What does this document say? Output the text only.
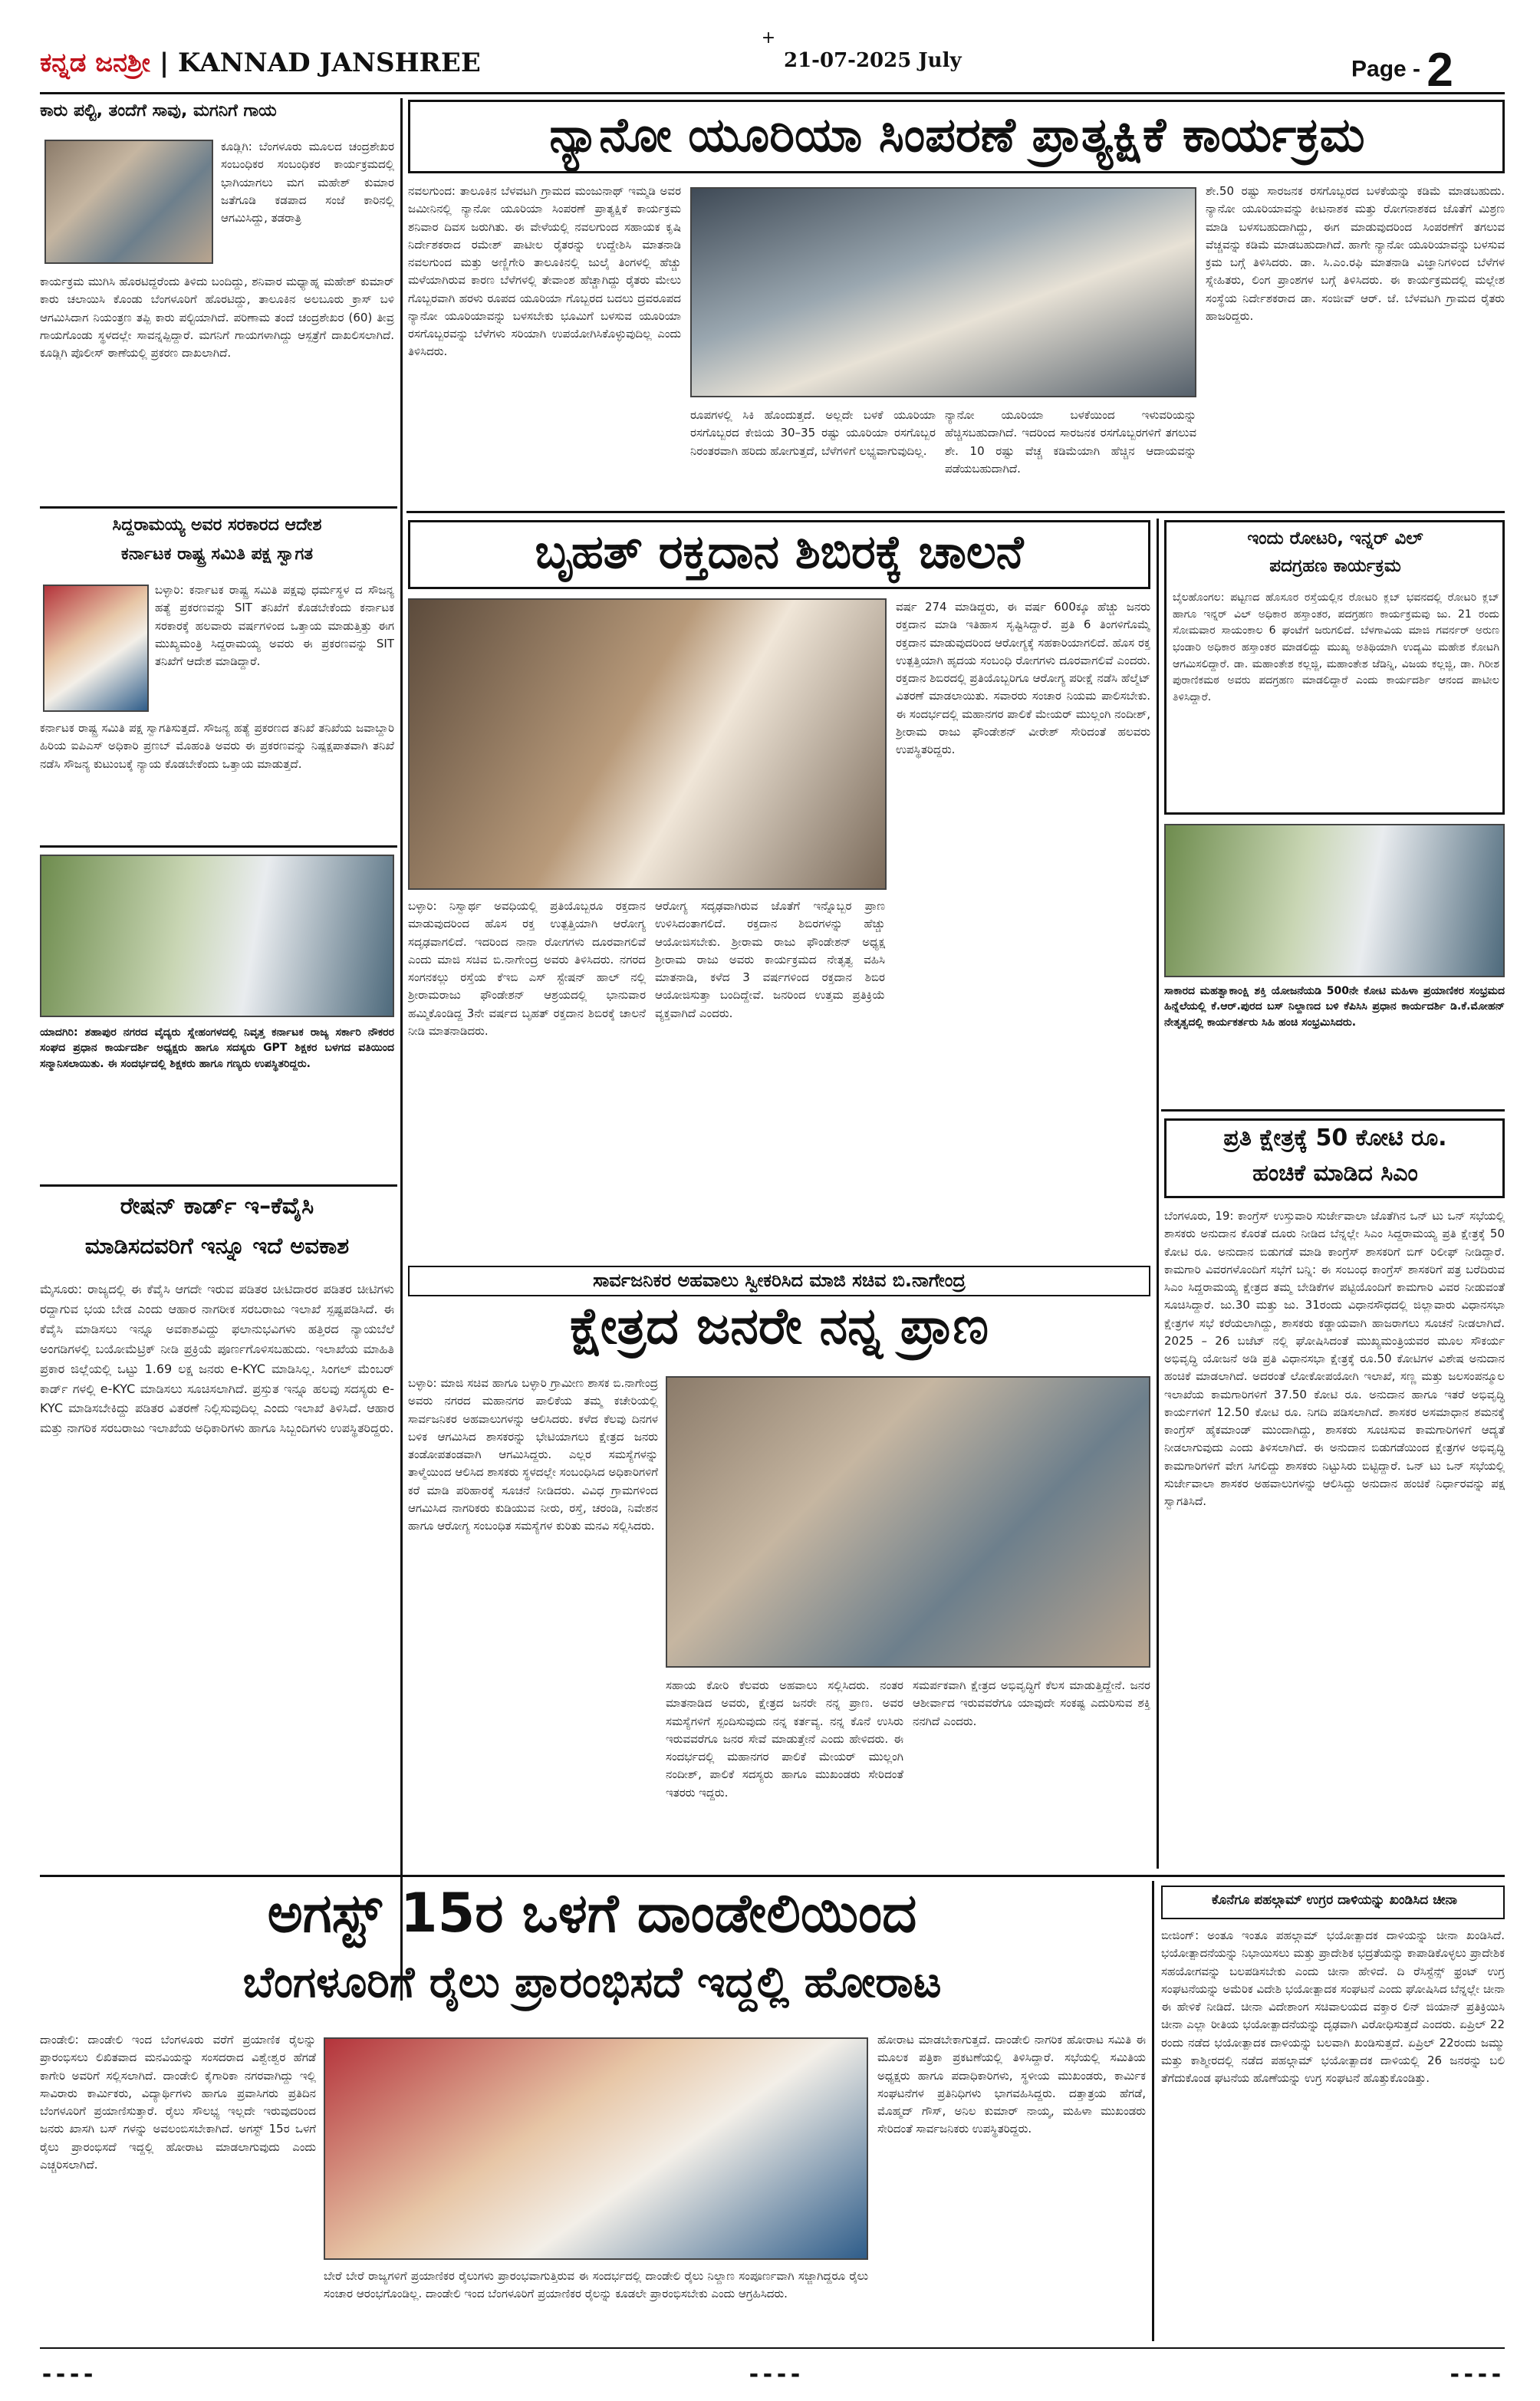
ಕನ್ನಡ ಜನಶ್ರೀ | KANNAD JANSHREE	21-07-2025 July	Page - 2
+
ಕಾರು ಪಲ್ಟಿ, ತಂದೆಗೆ ಸಾವು, ಮಗನಿಗೆ ಗಾಯ
ಕೂಡ್ಲಿಗಿ: ಬೆಂಗಳೂರು ಮೂಲದ ಚಂದ್ರಶೇಖರ ಸಂಬಂಧಿಕರ ಸಂಬಂಧಿಕರ ಕಾರ್ಯಕ್ರಮದಲ್ಲಿ ಭಾಗಿಯಾಗಲು ಮಗ ಮಹೇಶ್ ಕುಮಾರ ಜತೆಗೂಡಿ ಕಡಪಾದ ಸಂಜೆ ಕಾರಿನಲ್ಲಿ ಆಗಮಿಸಿದ್ದು, ತಡರಾತ್ರಿ
ಕಾರ್ಯಕ್ರಮ ಮುಗಿಸಿ ಹೊರಟಿದ್ದರೆಂದು ತಿಳಿದು ಬಂದಿದ್ದು, ಶನಿವಾರ ಮಧ್ಯಾಹ್ನ ಮಹೇಶ್ ಕುಮಾರ್ ಕಾರು ಚಲಾಯಿಸಿ ಕೊಂಡು ಬೆಂಗಳೂರಿಗೆ ಹೊರಟಿದ್ದು, ತಾಲೂಕಿನ ಅಲಬೂರು ಕ್ರಾಸ್ ಬಳಿ ಆಗಮಿಸಿದಾಗ ನಿಯಂತ್ರಣ ತಪ್ಪಿ ಕಾರು ಪಲ್ಟಿಯಾಗಿದೆ. ಪರಿಣಾಮ ತಂದೆ ಚಂದ್ರಶೇಖರ (60) ತೀವ್ರ ಗಾಯಗೊಂಡು ಸ್ಥಳದಲ್ಲೇ ಸಾವನ್ನಪ್ಪಿದ್ದಾರೆ. ಮಗನಿಗೆ ಗಾಯಗಳಾಗಿದ್ದು ಆಸ್ಪತ್ರೆಗೆ ದಾಖಲಿಸಲಾಗಿದೆ. ಕೂಡ್ಲಿಗಿ ಪೊಲೀಸ್ ಠಾಣೆಯಲ್ಲಿ ಪ್ರಕರಣ ದಾಖಲಾಗಿದೆ.
ಸಿದ್ದರಾಮಯ್ಯ ಅವರ ಸರಕಾರದ ಆದೇಶ
ಕರ್ನಾಟಕ ರಾಷ್ಟ್ರ ಸಮಿತಿ ಪಕ್ಷ ಸ್ವಾಗತ
ಬಳ್ಳಾರಿ: ಕರ್ನಾಟಕ ರಾಷ್ಟ್ರ ಸಮಿತಿ ಪಕ್ಷವು ಧರ್ಮಸ್ಥಳ ದ ಸೌಜನ್ಯ ಹತ್ಯೆ ಪ್ರಕರಣವನ್ನು SIT ತನಿಖೆಗೆ ಕೊಡಬೇಕೆಂದು ಕರ್ನಾಟಕ ಸರಕಾರಕ್ಕೆ ಹಲವಾರು ವರ್ಷಗಳಿಂದ ಒತ್ತಾಯ ಮಾಡುತ್ತಿತ್ತು ಈಗ ಮುಖ್ಯಮಂತ್ರಿ ಸಿದ್ದರಾಮಯ್ಯ ಅವರು ಈ ಪ್ರಕರಣವನ್ನು SIT ತನಿಖೆಗೆ ಆದೇಶ ಮಾಡಿದ್ದಾರೆ.
ಕರ್ನಾಟಕ ರಾಷ್ಟ್ರ ಸಮಿತಿ ಪಕ್ಷ ಸ್ವಾಗತಿಸುತ್ತದೆ. ಸೌಜನ್ಯ ಹತ್ಯೆ ಪ್ರಕರಣದ ತನಿಖೆ ತನಿಖೆಯ ಜವಾಬ್ದಾರಿ ಹಿರಿಯ ಐಪಿಎಸ್ ಅಧಿಕಾರಿ ಪ್ರಣಬ್ ಮೊಹಂತಿ ಅವರು ಈ ಪ್ರಕರಣವನ್ನು ನಿಷ್ಪಕ್ಷಪಾತವಾಗಿ ತನಿಖೆ ನಡೆಸಿ ಸೌಜನ್ಯ ಕುಟುಂಬಕ್ಕೆ ನ್ಯಾಯ ಕೊಡಬೇಕೆಂದು ಒತ್ತಾಯ ಮಾಡುತ್ತದೆ.
ಯಾದಗಿರಿ: ಶಹಾಪುರ ನಗರದ ವೈದ್ಯರು ಸ್ನೇಹಂಗಳದಲ್ಲಿ ನಿವೃತ್ತ ಕರ್ನಾಟಕ ರಾಜ್ಯ ಸರ್ಕಾರಿ ನೌಕರರ ಸಂಘದ ಪ್ರಧಾನ ಕಾರ್ಯದರ್ಶಿ ಅಧ್ಯಕ್ಷರು ಹಾಗೂ ಸದಸ್ಯರು GPT ಶಿಕ್ಷಕರ ಬಳಗದ ವತಿಯಿಂದ ಸನ್ಮಾನಿಸಲಾಯಿತು. ಈ ಸಂದರ್ಭದಲ್ಲಿ ಶಿಕ್ಷಕರು ಹಾಗೂ ಗಣ್ಯರು ಉಪಸ್ಥಿತರಿದ್ದರು.
ರೇಷನ್ ಕಾರ್ಡ್ ಇ–ಕೆವೈಸಿ
ಮಾಡಿಸದವರಿಗೆ ಇನ್ನೂ ಇದೆ ಅವಕಾಶ
ಮೈಸೂರು: ರಾಜ್ಯದಲ್ಲಿ ಈ ಕೆವೈಸಿ ಆಗದೇ ಇರುವ ಪಡಿತರ ಚೀಟಿದಾರರ ಪಡಿತರ ಚೀಟಿಗಳು ರದ್ದಾಗುವ ಭಯ ಬೇಡ ಎಂದು ಆಹಾರ ನಾಗರೀಕ ಸರಬರಾಜು ಇಲಾಖೆ ಸ್ಪಷ್ಟಪಡಿಸಿದೆ. ಈ ಕೆವೈಸಿ ಮಾಡಿಸಲು ಇನ್ನೂ ಅವಕಾಶವಿದ್ದು ಫಲಾನುಭವಿಗಳು ಹತ್ತಿರದ ನ್ಯಾಯಬೆಲೆ ಅಂಗಡಿಗಳಲ್ಲಿ ಬಯೋಮೆಟ್ರಿಕ್ ನೀಡಿ ಪ್ರಕ್ರಿಯೆ ಪೂರ್ಣಗೊಳಿಸಬಹುದು. ಇಲಾಖೆಯ ಮಾಹಿತಿ ಪ್ರಕಾರ ಜಿಲ್ಲೆಯಲ್ಲಿ ಒಟ್ಟು 1.69 ಲಕ್ಷ ಜನರು e-KYC ಮಾಡಿಸಿಲ್ಲ. ಸಿಂಗಲ್ ಮೆಂಬರ್ ಕಾರ್ಡ್ ಗಳಲ್ಲಿ e-KYC ಮಾಡಿಸಲು ಸೂಚಿಸಲಾಗಿದೆ. ಪ್ರಸ್ತುತ ಇನ್ನೂ ಹಲವು ಸದಸ್ಯರು e-KYC ಮಾಡಿಸಬೇಕಿದ್ದು ಪಡಿತರ ವಿತರಣೆ ನಿಲ್ಲಿಸುವುದಿಲ್ಲ ಎಂದು ಇಲಾಖೆ ತಿಳಿಸಿದೆ. ಆಹಾರ ಮತ್ತು ನಾಗರಿಕ ಸರಬರಾಜು ಇಲಾಖೆಯ ಅಧಿಕಾರಿಗಳು ಹಾಗೂ ಸಿಬ್ಬಂದಿಗಳು ಉಪಸ್ಥಿತರಿದ್ದರು.
ನ್ಯಾನೋ ಯೂರಿಯಾ ಸಿಂಪರಣೆ ಪ್ರಾತ್ಯಕ್ಷಿಕೆ ಕಾರ್ಯಕ್ರಮ
ನವಲಗುಂದ: ತಾಲೂಕಿನ ಬೆಳವಟಗಿ ಗ್ರಾಮದ ಮಂಜುನಾಥ್ ಇಮ್ಮಡಿ ಅವರ ಜಮೀನಿನಲ್ಲಿ ನ್ಯಾನೋ ಯೂರಿಯಾ ಸಿಂಪರಣೆ ಪ್ರಾತ್ಯಕ್ಷಿಕೆ ಕಾರ್ಯಕ್ರಮ ಶನಿವಾರ ದಿವಸ ಜರುಗಿತು. ಈ ವೇಳೆಯಲ್ಲಿ ನವಲಗುಂದ ಸಹಾಯಕ ಕೃಷಿ ನಿರ್ದೇಶಕರಾದ ರಮೇಶ್ ಪಾಟೀಲ ರೈತರನ್ನು ಉದ್ದೇಶಿಸಿ ಮಾತನಾಡಿ ನವಲಗುಂದ ಮತ್ತು ಅಣ್ಣಿಗೇರಿ ತಾಲೂಕಿನಲ್ಲಿ ಜುಲೈ ತಿಂಗಳಲ್ಲಿ ಹೆಚ್ಚು ಮಳೆಯಾಗಿರುವ ಕಾರಣ ಬೆಳೆಗಳಲ್ಲಿ ತೇವಾಂಶ ಹೆಚ್ಚಾಗಿದ್ದು ರೈತರು ಮೇಲು ಗೊಬ್ಬರವಾಗಿ ಹರಳು ರೂಪದ ಯೂರಿಯಾ ಗೊಬ್ಬರದ ಬದಲು ದ್ರವರೂಪದ ನ್ಯಾನೋ ಯೂರಿಯಾವನ್ನು ಬಳಸಬೇಕು ಭೂಮಿಗೆ ಬಳಸುವ ಯೂರಿಯಾ ರಸಗೊಬ್ಬರವನ್ನು ಬೆಳೆಗಳು ಸರಿಯಾಗಿ ಉಪಯೋಗಿಸಿಕೊಳ್ಳುವುದಿಲ್ಲ ಎಂದು ತಿಳಿಸಿದರು.
ರೂಪಗಳಲ್ಲಿ ಸಿಕಿ ಹೊಂದುತ್ತದೆ. ಅಲ್ಲದೇ ಬಳಕೆ ಯೂರಿಯಾ ರಸಗೊಬ್ಬರದ ಕೇಜಿಯ 30–35 ರಷ್ಟು ಯೂರಿಯಾ ರಸಗೊಬ್ಬರ ನಿರಂತರವಾಗಿ ಹರಿದು ಹೋಗುತ್ತದೆ, ಬೆಳೆಗಳಿಗೆ ಲಭ್ಯವಾಗುವುದಿಲ್ಲ.
ನ್ಯಾನೋ ಯೂರಿಯಾ ಬಳಕೆಯಿಂದ ಇಳುವರಿಯನ್ನು ಹೆಚ್ಚಿಸಬಹುದಾಗಿದೆ. ಇದರಿಂದ ಸಾರಜನಕ ರಸಗೊಬ್ಬರಗಳಿಗೆ ತಗಲುವ ಶೇ. 10 ರಷ್ಟು ವೆಚ್ಚ ಕಡಿಮೆಯಾಗಿ ಹೆಚ್ಚಿನ ಆದಾಯವನ್ನು ಪಡೆಯಬಹುದಾಗಿದೆ.
ಶೇ.50 ರಷ್ಟು ಸಾರಜನಕ ರಸಗೊಬ್ಬರದ ಬಳಕೆಯನ್ನು ಕಡಿಮೆ ಮಾಡಬಹುದು. ನ್ಯಾನೋ ಯೂರಿಯಾವನ್ನು ಕೀಟನಾಶಕ ಮತ್ತು ರೋಗನಾಶಕದ ಜೊತೆಗೆ ಮಿಶ್ರಣ ಮಾಡಿ ಬಳಸಬಹುದಾಗಿದ್ದು, ಈಗ ಮಾಡುವುದರಿಂದ ಸಿಂಪರಣೆಗೆ ತಗಲುವ ವೆಚ್ಚವನ್ನು ಕಡಿಮೆ ಮಾಡಬಹುದಾಗಿದೆ. ಹಾಗೇ ನ್ಯಾನೋ ಯೂರಿಯಾವನ್ನು ಬಳಸುವ ಕ್ರಮ ಬಗ್ಗೆ ತಿಳಿಸಿದರು. ಡಾ. ಸಿ.ಎಂ.ರಫಿ ಮಾತನಾಡಿ ವಿಜ್ಞಾನಿಗಳಿಂದ ಬೆಳೆಗಳ ಸ್ನೇಹಿತರು, ಲಿಂಗ ಪ್ರಾಂಶಗಳ ಬಗ್ಗೆ ತಿಳಿಸಿದರು. ಈ ಕಾರ್ಯಕ್ರಮದಲ್ಲಿ ಮಲ್ಲೇಶ ಸಂಸ್ಥೆಯ ನಿರ್ದೇಶಕರಾದ ಡಾ. ಸಂಜೀವ್ ಆರ್. ಜೆ. ಬೆಳವಟಗಿ ಗ್ರಾಮದ ರೈತರು ಹಾಜರಿದ್ದರು.
ಬೃಹತ್ ರಕ್ತದಾನ ಶಿಬಿರಕ್ಕೆ ಚಾಲನೆ
ವರ್ಷ 274 ಮಾಡಿದ್ದರು, ಈ ವರ್ಷ 600ಕ್ಕೂ ಹೆಚ್ಚು ಜನರು ರಕ್ತದಾನ ಮಾಡಿ ಇತಿಹಾಸ ಸೃಷ್ಟಿಸಿದ್ದಾರೆ. ಪ್ರತಿ 6 ತಿಂಗಳಿಗೊಮ್ಮೆ ರಕ್ತದಾನ ಮಾಡುವುದರಿಂದ ಆರೋಗ್ಯಕ್ಕೆ ಸಹಕಾರಿಯಾಗಲಿದೆ. ಹೊಸ ರಕ್ತ ಉತ್ಪತ್ತಿಯಾಗಿ ಹೃದಯ ಸಂಬಂಧಿ ರೋಗಗಳು ದೂರವಾಗಲಿವೆ ಎಂದರು. ರಕ್ತದಾನ ಶಿಬಿರದಲ್ಲಿ ಪ್ರತಿಯೊಬ್ಬರಿಗೂ ಆರೋಗ್ಯ ಪರೀಕ್ಷೆ ನಡೆಸಿ ಹೆಲ್ಮೆಟ್ ವಿತರಣೆ ಮಾಡಲಾಯಿತು. ಸವಾರರು ಸಂಚಾರ ನಿಯಮ ಪಾಲಿಸಬೇಕು. ಈ ಸಂದರ್ಭದಲ್ಲಿ ಮಹಾನಗರ ಪಾಲಿಕೆ ಮೇಯರ್ ಮುಲ್ಲಂಗಿ ನಂದೀಶ್, ಶ್ರೀರಾಮ ರಾಜು ಫೌಂಡೇಶನ್ ವೀರೇಶ್ ಸೇರಿದಂತೆ ಹಲವರು ಉಪಸ್ಥಿತರಿದ್ದರು.
ಬಳ್ಳಾರಿ: ನಿಸ್ವಾರ್ಥ ಅವಧಿಯಲ್ಲಿ ಪ್ರತಿಯೊಬ್ಬರೂ ರಕ್ತದಾನ ಮಾಡುವುದರಿಂದ ಹೊಸ ರಕ್ತ ಉತ್ಪತ್ತಿಯಾಗಿ ಆರೋಗ್ಯ ಸದೃಢವಾಗಲಿದೆ. ಇದರಿಂದ ನಾನಾ ರೋಗಗಳು ದೂರವಾಗಲಿವೆ ಎಂದು ಮಾಜಿ ಸಚಿವ ಬಿ.ನಾಗೇಂದ್ರ ಅವರು ತಿಳಿಸಿದರು. ನಗರದ ಸಂಗನಕಲ್ಲು ರಸ್ತೆಯ ಕೆಇಬಿ ಎಸ್ ಸ್ಟೇಷನ್ ಹಾಲ್ ನಲ್ಲಿ ಶ್ರೀರಾಮರಾಜು ಫೌಂಡೇಶನ್ ಆಶ್ರಯದಲ್ಲಿ ಭಾನುವಾರ ಹಮ್ಮಿಕೊಂಡಿದ್ದ 3ನೇ ವರ್ಷದ ಬೃಹತ್ ರಕ್ತದಾನ ಶಿಬಿರಕ್ಕೆ ಚಾಲನೆ ನೀಡಿ ಮಾತನಾಡಿದರು.
ಆರೋಗ್ಯ ಸದೃಢವಾಗಿರುವ ಜೊತೆಗೆ ಇನ್ನೊಬ್ಬರ ಪ್ರಾಣ ಉಳಿಸಿದಂತಾಗಲಿದೆ. ರಕ್ತದಾನ ಶಿಬಿರಗಳನ್ನು ಹೆಚ್ಚು ಆಯೋಜಿಸಬೇಕು. ಶ್ರೀರಾಮ ರಾಜು ಫೌಂಡೇಶನ್ ಅಧ್ಯಕ್ಷ ಶ್ರೀರಾಮ ರಾಜು ಅವರು ಕಾರ್ಯಕ್ರಮದ ನೇತೃತ್ವ ವಹಿಸಿ ಮಾತನಾಡಿ, ಕಳೆದ 3 ವರ್ಷಗಳಿಂದ ರಕ್ತದಾನ ಶಿಬಿರ ಆಯೋಜಿಸುತ್ತಾ ಬಂದಿದ್ದೇವೆ. ಜನರಿಂದ ಉತ್ತಮ ಪ್ರತಿಕ್ರಿಯೆ ವ್ಯಕ್ತವಾಗಿದೆ ಎಂದರು.
ಇಂದು ರೋಟರಿ, ಇನ್ನರ್ ವಿಲ್
ಪದಗ್ರಹಣ ಕಾರ್ಯಕ್ರಮ
ಬೈಲಹೊಂಗಲ: ಪಟ್ಟಣದ ಹೊಸೂರ ರಸ್ತೆಯಲ್ಲಿನ ರೋಟರಿ ಕ್ಲಬ್ ಭವನದಲ್ಲಿ ರೋಟರಿ ಕ್ಲಬ್ ಹಾಗೂ ಇನ್ನರ್ ವಿಲ್ ಅಧಿಕಾರ ಹಸ್ತಾಂತರ, ಪದಗ್ರಹಣ ಕಾರ್ಯಕ್ರಮವು ಜು. 21 ರಂದು ಸೋಮವಾರ ಸಾಯಂಕಾಲ 6 ಘಂಟೆಗೆ ಜರುಗಲಿದೆ. ಬೆಳಗಾವಿಯ ಮಾಜಿ ಗವರ್ನರ್ ಅರುಣ ಭಂಡಾರಿ ಅಧಿಕಾರ ಹಸ್ತಾಂತರ ಮಾಡಲಿದ್ದು ಮುಖ್ಯ ಅತಿಥಿಯಾಗಿ ಉದ್ಯಮಿ ಮಹೇಶ ಕೋಟಗಿ ಆಗಮಿಸಲಿದ್ದಾರೆ. ಡಾ. ಮಹಾಂತೇಶ ಕಲ್ಲಜ್ಜಿ, ಮಹಾಂತೇಶ ಜೆಡಿನ್ನಿ, ವಿಜಯ ಕಲ್ಲಜ್ಜಿ, ಡಾ. ಗಿರೀಶ ಪುರಾಣಿಕಮಠ ಅವರು ಪದಗ್ರಹಣ ಮಾಡಲಿದ್ದಾರೆ ಎಂದು ಕಾರ್ಯದರ್ಶಿ ಆನಂದ ಪಾಟೀಲ ತಿಳಿಸಿದ್ದಾರೆ.
ಸಾಕಾರದ ಮಹತ್ವಾಕಾಂಕ್ಷಿ ಶಕ್ತಿ ಯೋಜನೆಯಡಿ 500ನೇ ಕೋಟಿ ಮಹಿಳಾ ಪ್ರಯಾಣಿಕರ ಸಂಭ್ರಮದ ಹಿನ್ನೆಲೆಯಲ್ಲಿ ಕೆ.ಆರ್.ಪುರದ ಬಸ್ ನಿಲ್ದಾಣದ ಬಳಿ ಕೆಪಿಸಿಸಿ ಪ್ರಧಾನ ಕಾರ್ಯದರ್ಶಿ ಡಿ.ಕೆ.ಮೋಹನ್ ನೇತೃತ್ವದಲ್ಲಿ ಕಾರ್ಯಕರ್ತರು ಸಿಹಿ ಹಂಚಿ ಸಂಭ್ರಮಿಸಿದರು.
ಪ್ರತಿ ಕ್ಷೇತ್ರಕ್ಕೆ 50 ಕೋಟಿ ರೂ.
ಹಂಚಿಕೆ ಮಾಡಿದ ಸಿಎಂ
ಬೆಂಗಳೂರು, 19: ಕಾಂಗ್ರೆಸ್ ಉಸ್ತುವಾರಿ ಸುರ್ಜೇವಾಲಾ ಜೊತೆಗಿನ ಒನ್ ಟು ಒನ್ ಸಭೆಯಲ್ಲಿ ಶಾಸಕರು ಅನುದಾನ ಕೊರತೆ ದೂರು ನೀಡಿದ ಬೆನ್ನಲ್ಲೇ ಸಿಎಂ ಸಿದ್ದರಾಮಯ್ಯ ಪ್ರತಿ ಕ್ಷೇತ್ರಕ್ಕೆ 50 ಕೋಟಿ ರೂ. ಅನುದಾನ ಬಿಡುಗಡೆ ಮಾಡಿ ಕಾಂಗ್ರೆಸ್ ಶಾಸಕರಿಗೆ ಬಿಗ್ ರಿಲೀಫ್ ನೀಡಿದ್ದಾರೆ. ಕಾಮಗಾರಿ ವಿವರಗಳೊಂದಿಗೆ ಸಭೆಗೆ ಬನ್ನಿ: ಈ ಸಂಬಂಧ ಕಾಂಗ್ರೆಸ್ ಶಾಸಕರಿಗೆ ಪತ್ರ ಬರೆದಿರುವ ಸಿಎಂ ಸಿದ್ದರಾಮಯ್ಯ ಕ್ಷೇತ್ರದ ತಮ್ಮ ಬೇಡಿಕೆಗಳ ಪಟ್ಟಿಯೊಂದಿಗೆ ಕಾಮಗಾರಿ ವಿವರ ನೀಡುವಂತೆ ಸೂಚಿಸಿದ್ದಾರೆ. ಜು.30 ಮತ್ತು ಜು. 31ರಂದು ವಿಧಾನಸೌಧದಲ್ಲಿ ಜಿಲ್ಲಾವಾರು ವಿಧಾನಸಭಾ ಕ್ಷೇತ್ರಗಳ ಸಭೆ ಕರೆಯಲಾಗಿದ್ದು, ಶಾಸಕರು ಕಡ್ಡಾಯವಾಗಿ ಹಾಜರಾಗಲು ಸೂಚನೆ ನೀಡಲಾಗಿದೆ. 2025 – 26 ಬಜೆಟ್ ನಲ್ಲಿ ಘೋಷಿಸಿದಂತೆ ಮುಖ್ಯಮಂತ್ರಿಯವರ ಮೂಲ ಸೌಕರ್ಯ ಅಭಿವೃದ್ಧಿ ಯೋಜನೆ ಅಡಿ ಪ್ರತಿ ವಿಧಾನಸಭಾ ಕ್ಷೇತ್ರಕ್ಕೆ ರೂ.50 ಕೋಟಿಗಳ ವಿಶೇಷ ಅನುದಾನ ಹಂಚಿಕೆ ಮಾಡಲಾಗಿದೆ. ಅದರಂತೆ ಲೋಕೋಪಯೋಗಿ ಇಲಾಖೆ, ಸಣ್ಣ ಮತ್ತು ಜಲಸಂಪನ್ಮೂಲ ಇಲಾಖೆಯ ಕಾಮಗಾರಿಗಳಿಗೆ 37.50 ಕೋಟಿ ರೂ. ಅನುದಾನ ಹಾಗೂ ಇತರೆ ಅಭಿವೃದ್ಧಿ ಕಾರ್ಯಗಳಿಗೆ 12.50 ಕೋಟಿ ರೂ. ನಿಗದಿ ಪಡಿಸಲಾಗಿದೆ. ಶಾಸಕರ ಅಸಮಾಧಾನ ಶಮನಕ್ಕೆ ಕಾಂಗ್ರೆಸ್ ಹೈಕಮಾಂಡ್ ಮುಂದಾಗಿದ್ದು, ಶಾಸಕರು ಸೂಚಿಸುವ ಕಾಮಗಾರಿಗಳಿಗೆ ಆದ್ಯತೆ ನೀಡಲಾಗುವುದು ಎಂದು ತಿಳಿಸಲಾಗಿದೆ. ಈ ಅನುದಾನ ಬಿಡುಗಡೆಯಿಂದ ಕ್ಷೇತ್ರಗಳ ಅಭಿವೃದ್ಧಿ ಕಾಮಗಾರಿಗಳಿಗೆ ವೇಗ ಸಿಗಲಿದ್ದು ಶಾಸಕರು ನಿಟ್ಟುಸಿರು ಬಿಟ್ಟಿದ್ದಾರೆ. ಒನ್ ಟು ಒನ್ ಸಭೆಯಲ್ಲಿ ಸುರ್ಜೇವಾಲಾ ಶಾಸಕರ ಅಹವಾಲುಗಳನ್ನು ಆಲಿಸಿದ್ದು ಅನುದಾನ ಹಂಚಿಕೆ ನಿರ್ಧಾರವನ್ನು ಪಕ್ಷ ಸ್ವಾಗತಿಸಿದೆ.
ಸಾರ್ವಜನಿಕರ ಅಹವಾಲು ಸ್ವೀಕರಿಸಿದ ಮಾಜಿ ಸಚಿವ ಬಿ.ನಾಗೇಂದ್ರ
ಕ್ಷೇತ್ರದ ಜನರೇ ನನ್ನ ಪ್ರಾಣ
ಬಳ್ಳಾರಿ: ಮಾಜಿ ಸಚಿವ ಹಾಗೂ ಬಳ್ಳಾರಿ ಗ್ರಾಮೀಣ ಶಾಸಕ ಬಿ.ನಾಗೇಂದ್ರ ಅವರು ನಗರದ ಮಹಾನಗರ ಪಾಲಿಕೆಯ ತಮ್ಮ ಕಚೇರಿಯಲ್ಲಿ ಸಾರ್ವಜನಿಕರ ಅಹವಾಲುಗಳನ್ನು ಆಲಿಸಿದರು. ಕಳೆದ ಕೆಲವು ದಿನಗಳ ಬಳಿಕ ಆಗಮಿಸಿದ ಶಾಸಕರನ್ನು ಭೇಟಿಯಾಗಲು ಕ್ಷೇತ್ರದ ಜನರು ತಂಡೋಪತಂಡವಾಗಿ ಆಗಮಿಸಿದ್ದರು. ಎಲ್ಲರ ಸಮಸ್ಯೆಗಳನ್ನು ತಾಳ್ಮೆಯಿಂದ ಆಲಿಸಿದ ಶಾಸಕರು ಸ್ಥಳದಲ್ಲೇ ಸಂಬಂಧಿಸಿದ ಅಧಿಕಾರಿಗಳಿಗೆ ಕರೆ ಮಾಡಿ ಪರಿಹಾರಕ್ಕೆ ಸೂಚನೆ ನೀಡಿದರು. ವಿವಿಧ ಗ್ರಾಮಗಳಿಂದ ಆಗಮಿಸಿದ ನಾಗರಿಕರು ಕುಡಿಯುವ ನೀರು, ರಸ್ತೆ, ಚರಂಡಿ, ನಿವೇಶನ ಹಾಗೂ ಆರೋಗ್ಯ ಸಂಬಂಧಿತ ಸಮಸ್ಯೆಗಳ ಕುರಿತು ಮನವಿ ಸಲ್ಲಿಸಿದರು.
ಸಹಾಯ ಕೋರಿ ಕೆಲವರು ಅಹವಾಲು ಸಲ್ಲಿಸಿದರು. ನಂತರ ಮಾತನಾಡಿದ ಅವರು, ಕ್ಷೇತ್ರದ ಜನರೇ ನನ್ನ ಪ್ರಾಣ. ಅವರ ಸಮಸ್ಯೆಗಳಿಗೆ ಸ್ಪಂದಿಸುವುದು ನನ್ನ ಕರ್ತವ್ಯ. ನನ್ನ ಕೊನೆ ಉಸಿರು ಇರುವವರೆಗೂ ಜನರ ಸೇವೆ ಮಾಡುತ್ತೇನೆ ಎಂದು ಹೇಳಿದರು. ಈ ಸಂದರ್ಭದಲ್ಲಿ ಮಹಾನಗರ ಪಾಲಿಕೆ ಮೇಯರ್ ಮುಲ್ಲಂಗಿ ನಂದೀಶ್, ಪಾಲಿಕೆ ಸದಸ್ಯರು ಹಾಗೂ ಮುಖಂಡರು ಸೇರಿದಂತೆ ಇತರರು ಇದ್ದರು.
ಸಮರ್ಪಕವಾಗಿ ಕ್ಷೇತ್ರದ ಅಭಿವೃದ್ಧಿಗೆ ಕೆಲಸ ಮಾಡುತ್ತಿದ್ದೇನೆ. ಜನರ ಆಶೀರ್ವಾದ ಇರುವವರೆಗೂ ಯಾವುದೇ ಸಂಕಷ್ಟ ಎದುರಿಸುವ ಶಕ್ತಿ ನನಗಿದೆ ಎಂದರು.
ಅಗಸ್ಟ್ 15ರ ಒಳಗೆ ದಾಂಡೇಲಿಯಿಂದ
ಬೆಂಗಳೂರಿಗೆ ರೈಲು ಪ್ರಾರಂಭಿಸದೆ ಇದ್ದಲ್ಲಿ ಹೋರಾಟ
ದಾಂಡೇಲಿ: ದಾಂಡೇಲಿ ಇಂದ ಬೆಂಗಳೂರು ವರೆಗೆ ಪ್ರಯಾಣಿಕ ರೈಲನ್ನು ಪ್ರಾರಂಭಿಸಲು ಲಿಖಿತವಾದ ಮನವಿಯನ್ನು ಸಂಸದರಾದ ವಿಶ್ವೇಶ್ವರ ಹೆಗಡೆ ಕಾಗೇರಿ ಅವರಿಗೆ ಸಲ್ಲಿಸಲಾಗಿದೆ. ದಾಂಡೇಲಿ ಕೈಗಾರಿಕಾ ನಗರವಾಗಿದ್ದು ಇಲ್ಲಿ ಸಾವಿರಾರು ಕಾರ್ಮಿಕರು, ವಿದ್ಯಾರ್ಥಿಗಳು ಹಾಗೂ ಪ್ರವಾಸಿಗರು ಪ್ರತಿದಿನ ಬೆಂಗಳೂರಿಗೆ ಪ್ರಯಾಣಿಸುತ್ತಾರೆ. ರೈಲು ಸೌಲಭ್ಯ ಇಲ್ಲದೇ ಇರುವುದರಿಂದ ಜನರು ಖಾಸಗಿ ಬಸ್ ಗಳನ್ನು ಅವಲಂಬಿಸಬೇಕಾಗಿದೆ. ಅಗಸ್ಟ್ 15ರ ಒಳಗೆ ರೈಲು ಪ್ರಾರಂಭಿಸದೆ ಇದ್ದಲ್ಲಿ ಹೋರಾಟ ಮಾಡಲಾಗುವುದು ಎಂದು ಎಚ್ಚರಿಸಲಾಗಿದೆ.
ಬೇರೆ ಬೇರೆ ರಾಜ್ಯಗಳಿಗೆ ಪ್ರಯಾಣಿಕರ ರೈಲುಗಳು ಪ್ರಾರಂಭವಾಗುತ್ತಿರುವ ಈ ಸಂದರ್ಭದಲ್ಲಿ ದಾಂಡೇಲಿ ರೈಲು ನಿಲ್ದಾಣ ಸಂಪೂರ್ಣವಾಗಿ ಸಜ್ಜಾಗಿದ್ದರೂ ರೈಲು ಸಂಚಾರ ಆರಂಭಗೊಂಡಿಲ್ಲ. ದಾಂಡೇಲಿ ಇಂದ ಬೆಂಗಳೂರಿಗೆ ಪ್ರಯಾಣಿಕರ ರೈಲನ್ನು ಕೂಡಲೇ ಪ್ರಾರಂಭಿಸಬೇಕು ಎಂದು ಆಗ್ರಹಿಸಿದರು.
ಹೋರಾಟ ಮಾಡಬೇಕಾಗುತ್ತದೆ. ದಾಂಡೇಲಿ ನಾಗರಿಕ ಹೋರಾಟ ಸಮಿತಿ ಈ ಮೂಲಕ ಪತ್ರಿಕಾ ಪ್ರಕಟಣೆಯಲ್ಲಿ ತಿಳಿಸಿದ್ದಾರೆ. ಸಭೆಯಲ್ಲಿ ಸಮಿತಿಯ ಅಧ್ಯಕ್ಷರು ಹಾಗೂ ಪದಾಧಿಕಾರಿಗಳು, ಸ್ಥಳೀಯ ಮುಖಂಡರು, ಕಾರ್ಮಿಕ ಸಂಘಟನೆಗಳ ಪ್ರತಿನಿಧಿಗಳು ಭಾಗವಹಿಸಿದ್ದರು. ದತ್ತಾತ್ರಯ ಹೆಗಡೆ, ಮೊಹ್ಮದ್ ಗೌಸ್, ಅನಿಲ ಕುಮಾರ್ ನಾಯ್ಕ, ಮಹಿಳಾ ಮುಖಂಡರು ಸೇರಿದಂತೆ ಸಾರ್ವಜನಿಕರು ಉಪಸ್ಥಿತರಿದ್ದರು.
ಕೊನೆಗೂ ಪಹಲ್ಗಾಮ್ ಉಗ್ರರ ದಾಳಿಯನ್ನು ಖಂಡಿಸಿದ ಚೀನಾ
ಬೀಜಿಂಗ್: ಅಂತೂ ಇಂತೂ ಪಹಲ್ಗಾಮ್ ಭಯೋತ್ಪಾದಕ ದಾಳಿಯನ್ನು ಚೀನಾ ಖಂಡಿಸಿದೆ. ಭಯೋತ್ಪಾದನೆಯನ್ನು ನಿಭಾಯಿಸಲು ಮತ್ತು ಪ್ರಾದೇಶಿಕ ಭದ್ರತೆಯನ್ನು ಕಾಪಾಡಿಕೊಳ್ಳಲು ಪ್ರಾದೇಶಿಕ ಸಹಯೋಗವನ್ನು ಬಲಪಡಿಸಬೇಕು ಎಂದು ಚೀನಾ ಹೇಳಿದೆ. ದಿ ರೆಸಿಸ್ಟೆನ್ಸ್ ಫ್ರಂಟ್ ಉಗ್ರ ಸಂಘಟನೆಯನ್ನು ಅಮೆರಿಕ ವಿದೇಶಿ ಭಯೋತ್ಪಾದಕ ಸಂಘಟನೆ ಎಂದು ಘೋಷಿಸಿದ ಬೆನ್ನಲ್ಲೇ ಚೀನಾ ಈ ಹೇಳಿಕೆ ನೀಡಿದೆ. ಚೀನಾ ವಿದೇಶಾಂಗ ಸಚಿವಾಲಯದ ವಕ್ತಾರ ಲಿನ್ ಜಿಯಾನ್ ಪ್ರತಿಕ್ರಿಯಿಸಿ ಚೀನಾ ಎಲ್ಲಾ ರೀತಿಯ ಭಯೋತ್ಪಾದನೆಯನ್ನು ದೃಢವಾಗಿ ವಿರೋಧಿಸುತ್ತದೆ ಎಂದರು. ಏಪ್ರಿಲ್ 22 ರಂದು ನಡೆದ ಭಯೋತ್ಪಾದಕ ದಾಳಿಯನ್ನು ಬಲವಾಗಿ ಖಂಡಿಸುತ್ತದೆ. ಏಪ್ರಿಲ್ 22ರಂದು ಜಮ್ಮು ಮತ್ತು ಕಾಶ್ಮೀರದಲ್ಲಿ ನಡೆದ ಪಹಲ್ಗಾಮ್ ಭಯೋತ್ಪಾದಕ ದಾಳಿಯಲ್ಲಿ 26 ಜನರನ್ನು ಬಲಿ ತೆಗೆದುಕೊಂಡ ಘಟನೆಯ ಹೊಣೆಯನ್ನು ಉಗ್ರ ಸಂಘಟನೆ ಹೊತ್ತುಕೊಂಡಿತ್ತು.
----	----	----
